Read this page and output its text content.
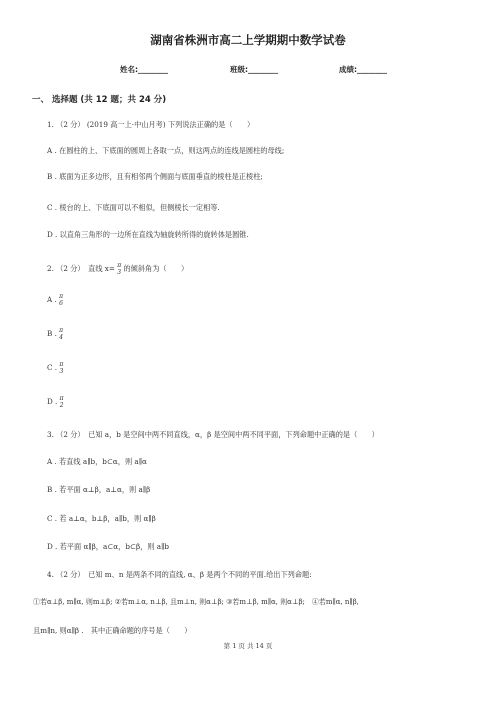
湖南省株洲市高二上学期期中数学试卷
姓名:________	班级:________	成绩:________
一、 选择题 (共 12 题；共 24 分)
1. （2 分） (2019 高一上·中山月考) 下列说法正确的是（　　）
A . 在圆柱的上、下底面的圆周上各取一点，则这两点的连线是圆柱的母线;
B . 底面为正多边形，且有相邻两个侧面与底面垂直的棱柱是正棱柱;
C . 棱台的上、下底面可以不相似，但侧棱长一定相等.
D . 以直角三角形的一边所在直线为轴旋转所得的旋转体是圆锥.
2. （2 分）　直线 x= π
3 的倾斜角为（　　）
A . π
6
B . π
4
C . π
3
D . π
2
3. （2 分）　已知 a，b 是空间中两不同直线，α，β 是空间中两不同平面，下列命题中正确的是（　　）
A . 若直线 a∥b，b⊂α，则 a∥α
B . 若平面 α⊥β，a⊥α，则 a∥β
C . 若 a⊥α，b⊥β，a∥b，则 α∥β
D . 若平面 α∥β，a⊂α，b⊂β，则 a∥b
4. （2 分）　已知 m、n 是两条不同的直线, α、β 是两个不同的平面.给出下列命题:
①若α⊥β, m∥α, 则m⊥β; ②若m⊥α, n⊥β, 且m⊥n, 则α⊥β; ③若m⊥β, m∥α, 则α⊥β;　④若m∥α, n∥β,
且m∥n, 则α∥β .　其中正确命题的序号是（　　）
第 1 页 共 14 页
